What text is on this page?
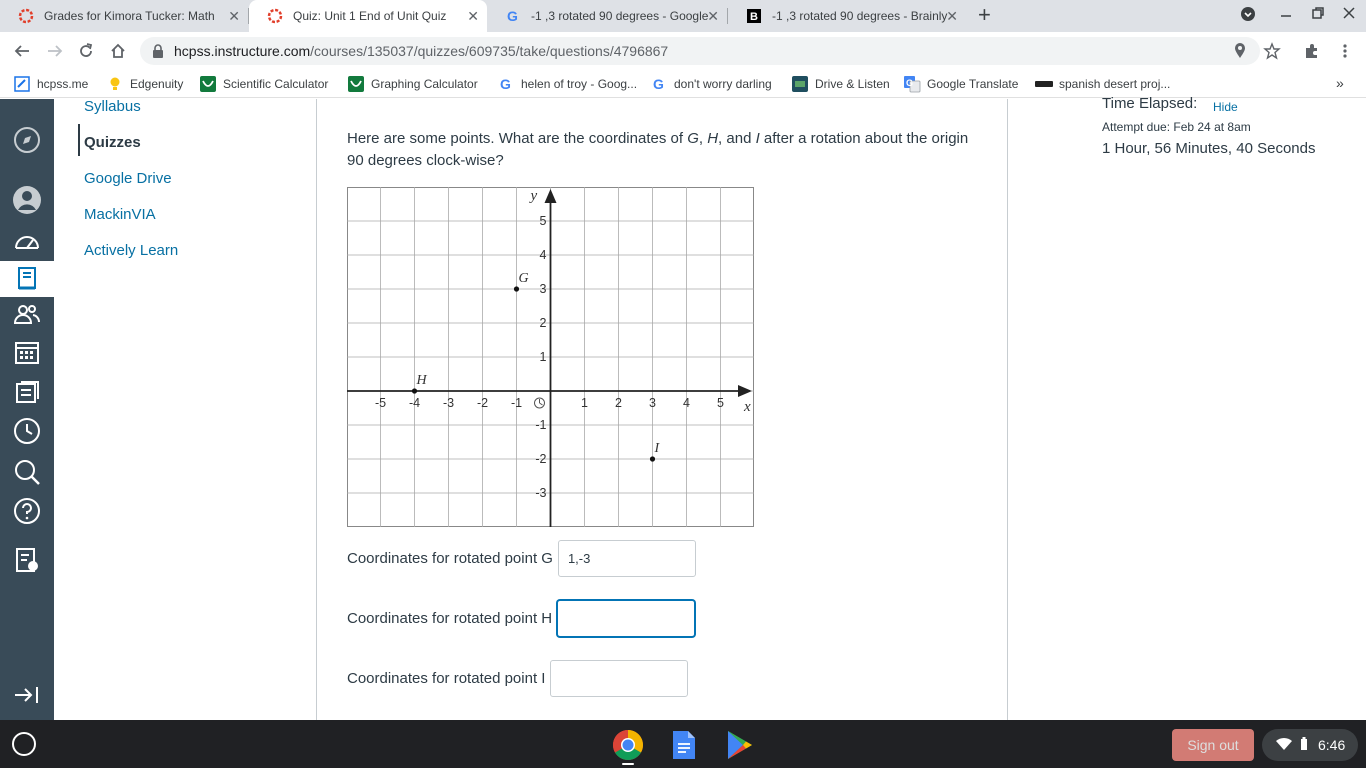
Grades for Kimora Tucker: Math ✕	Quiz: Unit 1 End of Unit Quiz ✕ G -1 ,3 rotated 90 degrees - Google
✕	B -1 ,3 rotated 90 degrees - Brainly
✕ +
hcpss.instructure.com/courses/135037/quizzes/609735/take/questions/4796867
hcpss.me	Edgenuity	Scientific Calculator	Graphing Calculator G helen of troy - Goog... G don't worry darling	Drive & Listen G Google Translate	spanish desert proj...	»
Syllabus
Quizzes
Google Drive
MackinVIA
Actively Learn
Here are some points. What are the coordinates of G, H, and I after a rotation about the origin 90 degrees clock-wise?
x
y
-5 -4 -3 -2 -1	1 2 3 4 5
5
4
3
2
1
-1
-2
-3
G
H
I
Coordinates for rotated point G
1,-3
Coordinates for rotated point H
Coordinates for rotated point I
Time Elapsed: Hide
Attempt due: Feb 24 at 8am
1 Hour, 56 Minutes, 40 Seconds
Sign out	6:46
